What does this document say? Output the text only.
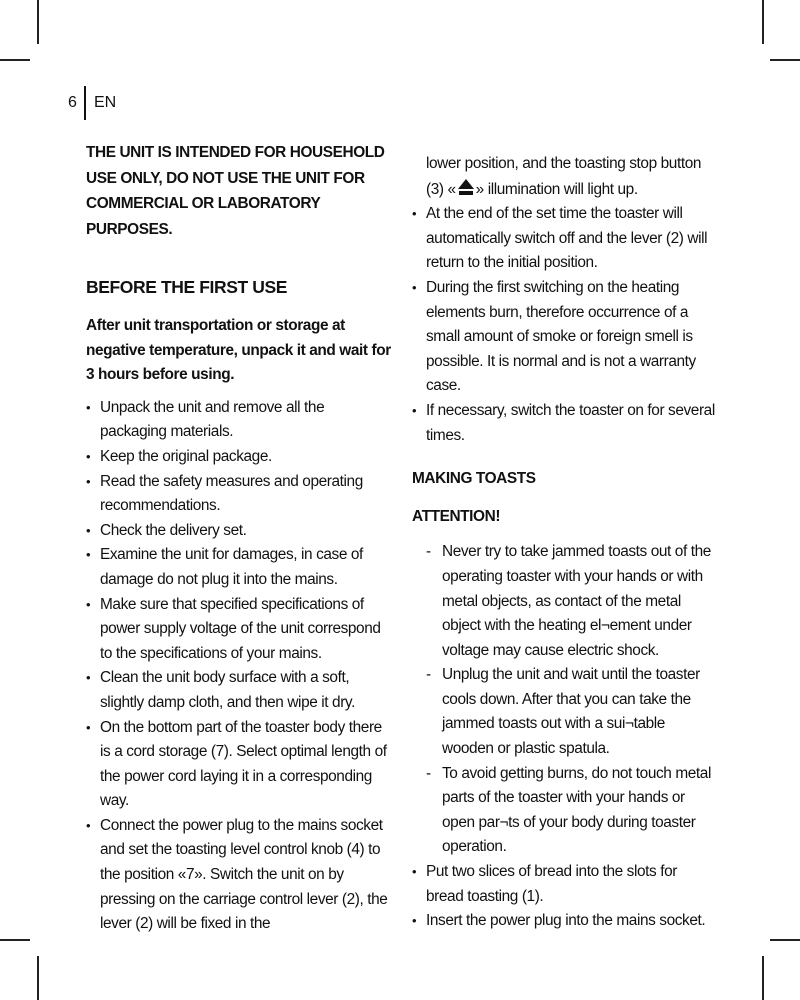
6 EN

THE UNIT IS INTENDED FOR HOUSEHOLD USE ONLY, DO NOT USE THE UNIT FOR COMMERCIAL OR LABORATORY PURPOSES.

BEFORE THE FIRST USE

After unit transportation or storage at negative temperature, unpack it and wait for 3 hours before using.

• Unpack the unit and remove all the packaging materials.
• Keep the original package.
• Read the safety measures and operating recommendations.
• Check the delivery set.
• Examine the unit for damages, in case of damage do not plug it into the mains.
• Make sure that specified specifications of power supply voltage of the unit correspond to the specifications of your mains.
• Clean the unit body surface with a soft, slightly damp cloth, and then wipe it dry.
• On the bottom part of the toaster body there is a cord storage (7). Select optimal length of the power cord laying it in a corresponding way.
• Connect the power plug to the mains socket and set the toasting level control knob (4) to the position «7». Switch the unit on by pressing on the carriage control lever (2), the lever (2) will be fixed in the

lower position, and the toasting stop button (3) « » illumination will light up.

• At the end of the set time the toaster will automatically switch off and the lever (2) will return to the initial position.
• During the first switching on the heating elements burn, therefore occurrence of a small amount of smoke or foreign smell is possible. It is normal and is not a warranty case.
• If necessary, switch the toaster on for several times.
MAKING TOASTS
ATTENTION!
- Never try to take jammed toasts out of the operating toaster with your hands or with metal objects, as contact of the metal object with the heating el¬ement under voltage may cause electric shock.
- Unplug the unit and wait until the toaster cools down. After that you can take the jammed toasts out with a sui¬table wooden or plastic spatula.
- To avoid getting burns, do not touch metal parts of the toaster with your hands or open par¬ts of your body during toaster operation.
• Put two slices of bread into the slots for bread toasting (1).
• Insert the power plug into the mains socket.
